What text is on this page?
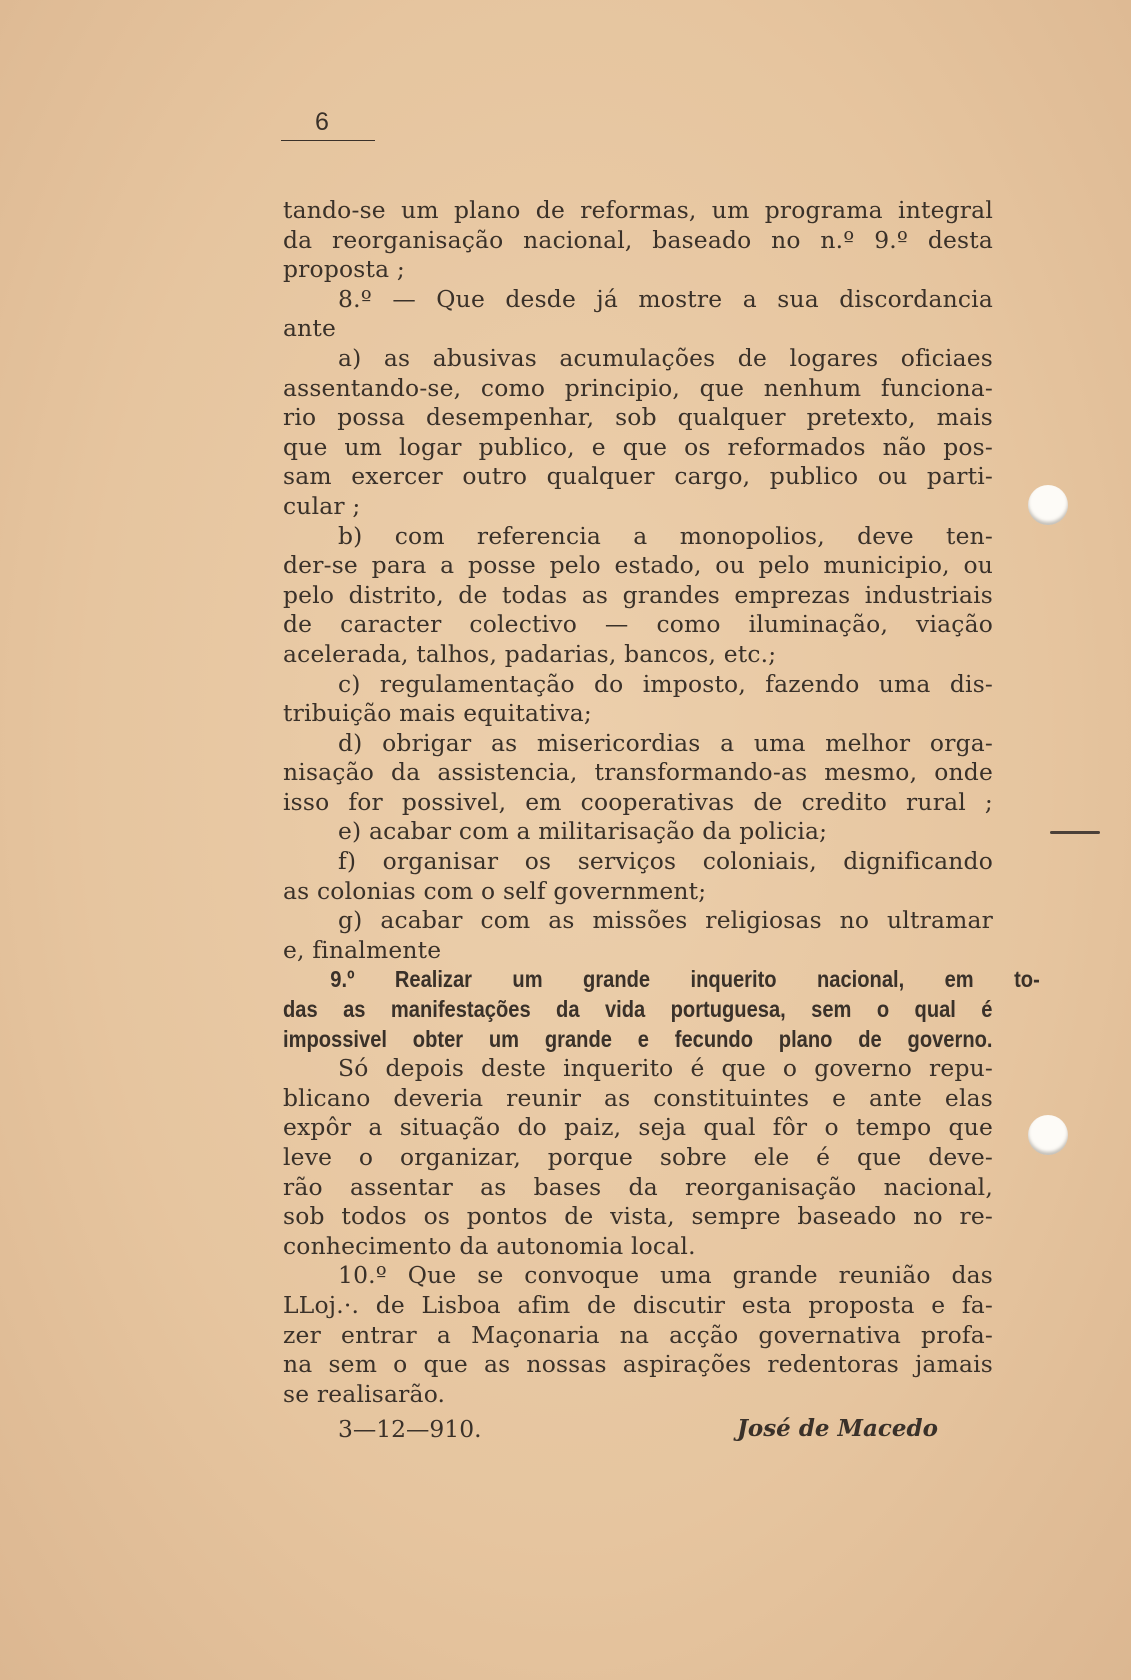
6
tando-se um plano de reformas, um programa integral
da reorganisação nacional, baseado no n.º 9.º desta
proposta ;
8.º — Que desde já mostre a sua discordancia
ante
a) as abusivas acumulações de logares oficiaes
assentando-se, como principio, que nenhum funciona-
rio possa desempenhar, sob qualquer pretexto, mais
que um logar publico, e que os reformados não pos-
sam exercer outro qualquer cargo, publico ou parti-
cular ;
b) com referencia a monopolios, deve ten-
der-se para a posse pelo estado, ou pelo municipio, ou
pelo distrito, de todas as grandes emprezas industriais
de caracter colectivo — como iluminação, viação
acelerada, talhos, padarias, bancos, etc.;
c) regulamentação do imposto, fazendo uma dis-
tribuição mais equitativa;
d) obrigar as misericordias a uma melhor orga-
nisação da assistencia, transformando-as mesmo, onde
isso for possivel, em cooperativas de credito rural ;
e) acabar com a militarisação da policia;
f) organisar os serviços coloniais, dignificando
as colonias com o self government;
g) acabar com as missões religiosas no ultramar
e, finalmente
9.º Realizar um grande inquerito nacional, em to-
das as manifestações da vida portuguesa, sem o qual é
impossivel obter um grande e fecundo plano de governo.
Só depois deste inquerito é que o governo repu-
blicano deveria reunir as constituintes e ante elas
expôr a situação do paiz, seja qual fôr o tempo que
leve o organizar, porque sobre ele é que deve-
rão assentar as bases da reorganisação nacional,
sob todos os pontos de vista, sempre baseado no re-
conhecimento da autonomia local.
10.º Que se convoque uma grande reunião das
LLoj.·. de Lisboa afim de discutir esta proposta e fa-
zer entrar a Maçonaria na acção governativa profa-
na sem o que as nossas aspirações redentoras jamais
se realisarão.
3—12—910.	José de Macedo
